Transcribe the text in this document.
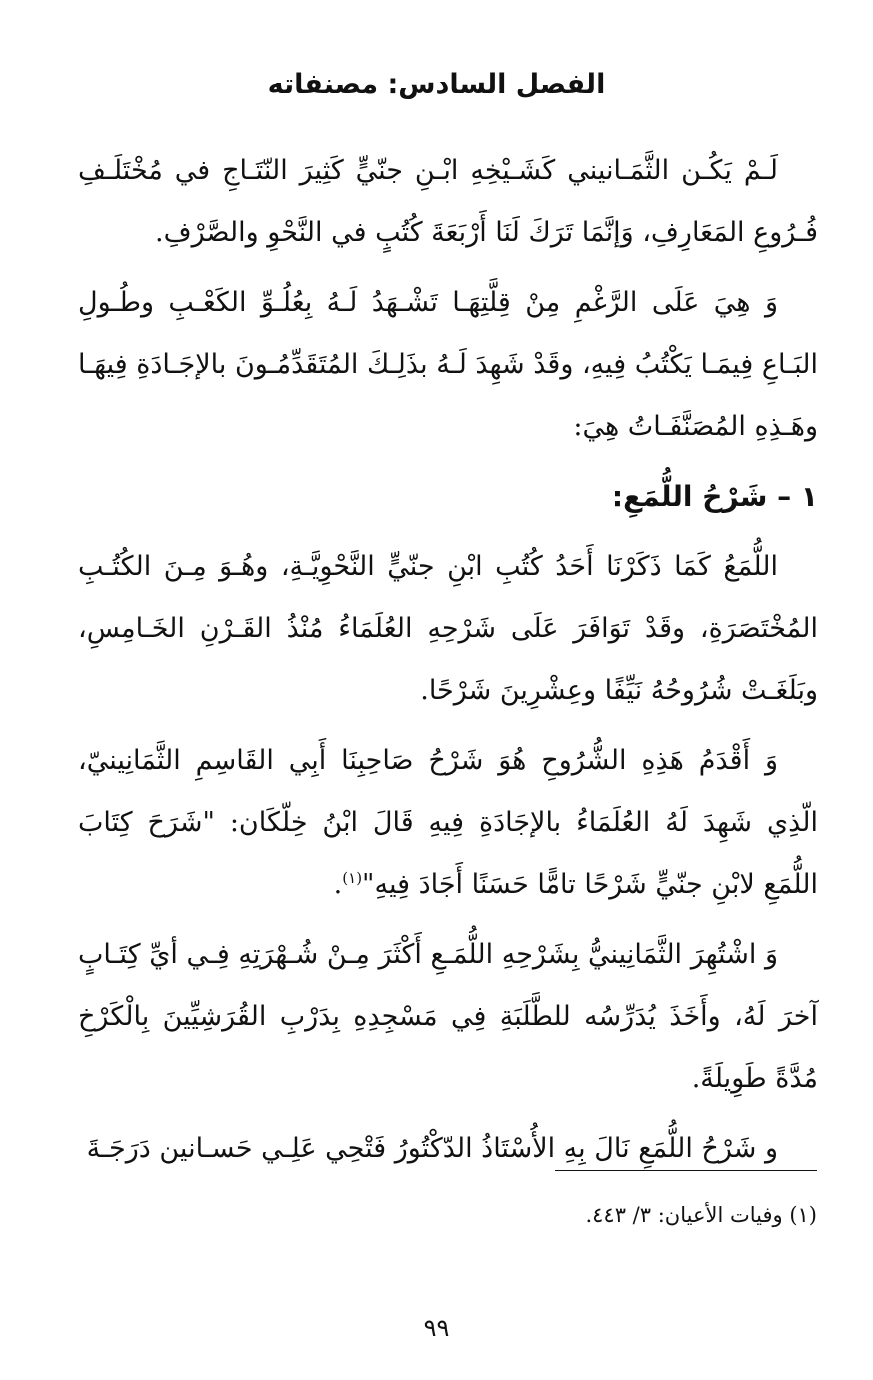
الفصل السادس: مصنفاته

لَـمْ يَكُـن الثَّمَـانيني كَشَـيْخِهِ ابْـنِ جنّيٍّ كَثِيرَ النّتَـاجِ في مُخْتَلَـفِ فُـرُوعِ المَعَارِفِ، وَإنَّمَا تَرَكَ لَنَا أَرْبَعَةَ كُتُبٍ في النَّحْوِ والصَّرْفِ.

وَ هِيَ عَلَى الرَّغْمِ مِنْ قِلَّتِهَـا تَشْـهَدُ لَـهُ بِعُلُـوِّ الكَعْـبِ وطُـولِ البَـاعِ فِيمَـا يَكْتُبُ فِيهِ، وقَدْ شَهِدَ لَـهُ بذَلِـكَ المُتَقَدِّمُـونَ بالإجَـادَةِ فِيهَـا وهَـذِهِ المُصَنَّفَـاتُ هِيَ:

١ – شَرْحُ اللُّمَعِ:

اللُّمَعُ كَمَا ذَكَرْنَا أَحَدُ كُتُبِ ابْنِ جنّيٍّ النَّحْوِيَّـةِ، وهُـوَ مِـنَ الكُتُـبِ المُخْتَصَرَةِ، وقَدْ تَوَافَرَ عَلَى شَرْحِهِ العُلَمَاءُ مُنْذُ القَـرْنِ الخَـامِسِ، وبَلَغَـتْ شُرُوحُهُ نَيِّفًا وعِشْرِينَ شَرْحًا.

وَ أَقْدَمُ هَذِهِ الشُّرُوحِ هُوَ شَرْحُ صَاحِبِنَا أَبِي القَاسِمِ الثَّمَانِينيّ، الّذِي شَهِدَ لَهُ العُلَمَاءُ بالإجَادَةِ فِيهِ قَالَ ابْنُ خِلّكَان: "شَرَحَ كِتَابَ اللُّمَعِ لابْنِ جنّيٍّ شَرْحًا تامًّا حَسَنًا أَجَادَ فِيهِ"$^{(١)}$.

وَ اشْتُهِرَ الثَّمَانِينيُّ بِشَرْحِهِ اللُّمَـعِ أَكْثَرَ مِـنْ شُـهْرَتِهِ فِـي أيِّ كِتَـابٍ آخرَ لَهُ، وأَخَذَ يُدَرِّسُه للطَّلَبَةِ فِي مَسْجِدِهِ بِدَرْبِ القُرَشِيِّينَ بِالْكَرْخِ مُدَّةً طَوِيلَةً.

و شَرْحُ اللُّمَعِ نَالَ بِهِ الأُسْتَاذُ الدّكْتُورُ فَتْحِي عَلِـي حَسـانين دَرَجَـةَ

(١) وفيات الأعيان: ٣/ ٤٤٣.

٩٩
